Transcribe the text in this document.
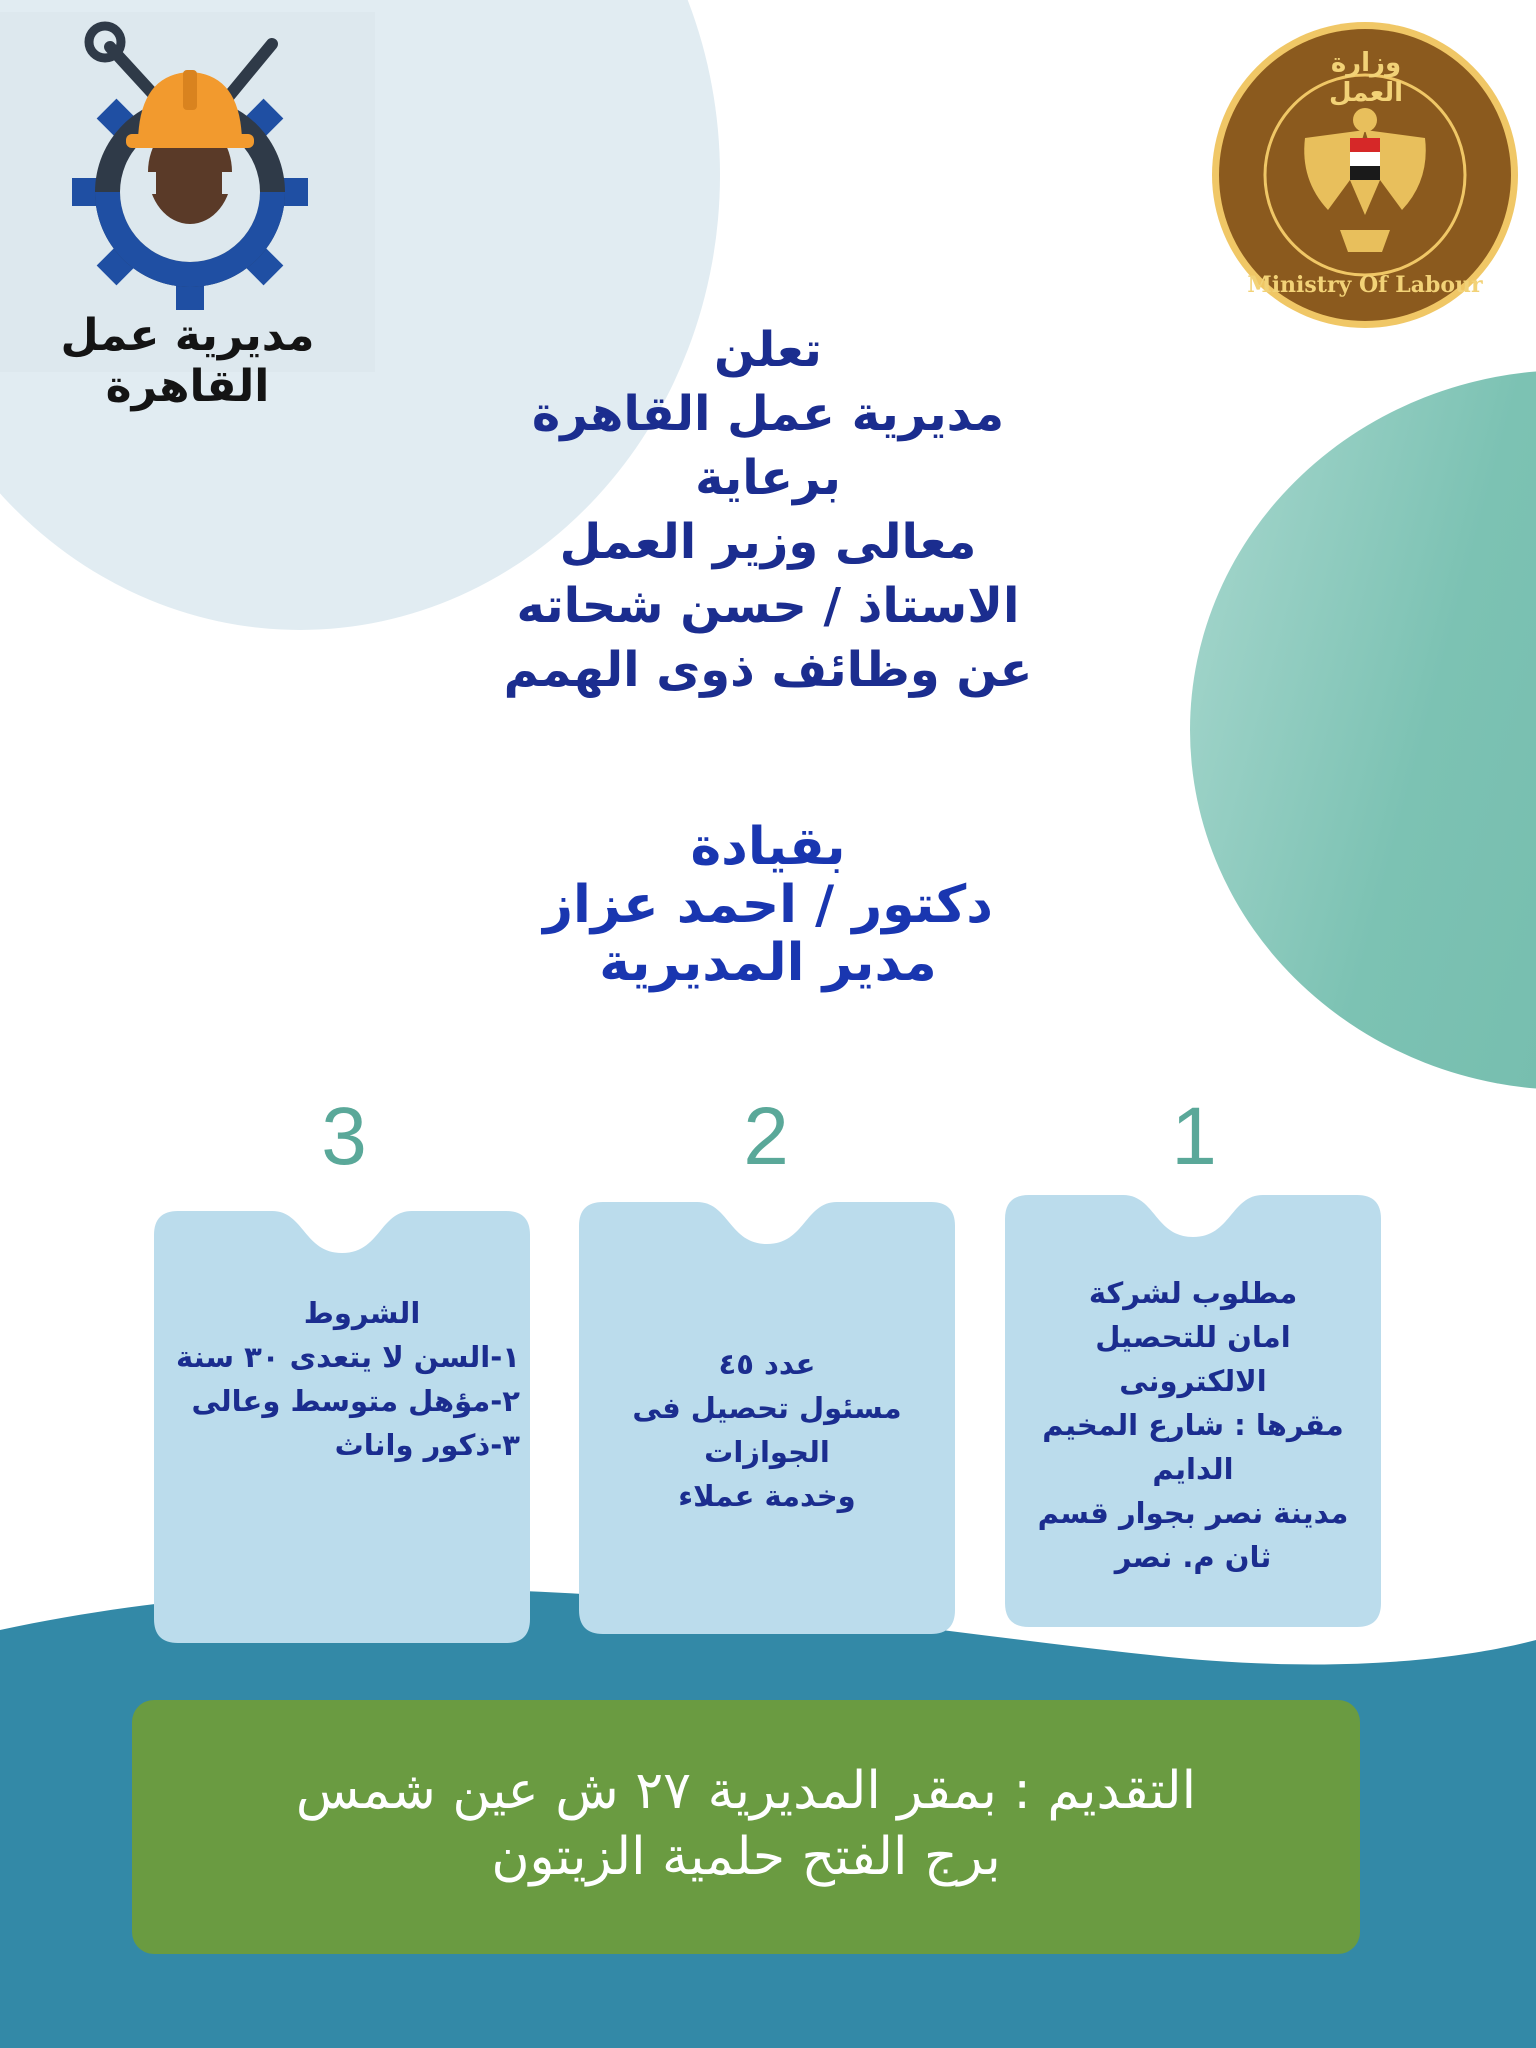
مديرية عمل القاهرة
وزارة العمل
Ministry Of Labour
تعلن
مديرية عمل القاهرة
برعاية
معالى وزير العمل
الاستاذ / حسن شحاته
عن وظائف ذوى الهمم
بقيادة
دكتور / احمد عزاز
مدير المديرية
1
2
3
مطلوب لشركة
امان للتحصيل
الالكترونى
مقرها : شارع المخيم
الدايم
مدينة نصر بجوار قسم
ثان م. نصر
عدد ٤٥
مسئول تحصيل فى
الجوازات
وخدمة عملاء
الشروط
١-السن لا يتعدى ٣٠ سنة
٢-مؤهل متوسط وعالى
٣-ذكور واناث
التقديم : بمقر المديرية ٢٧ ش عين شمس
برج الفتح حلمية الزيتون
